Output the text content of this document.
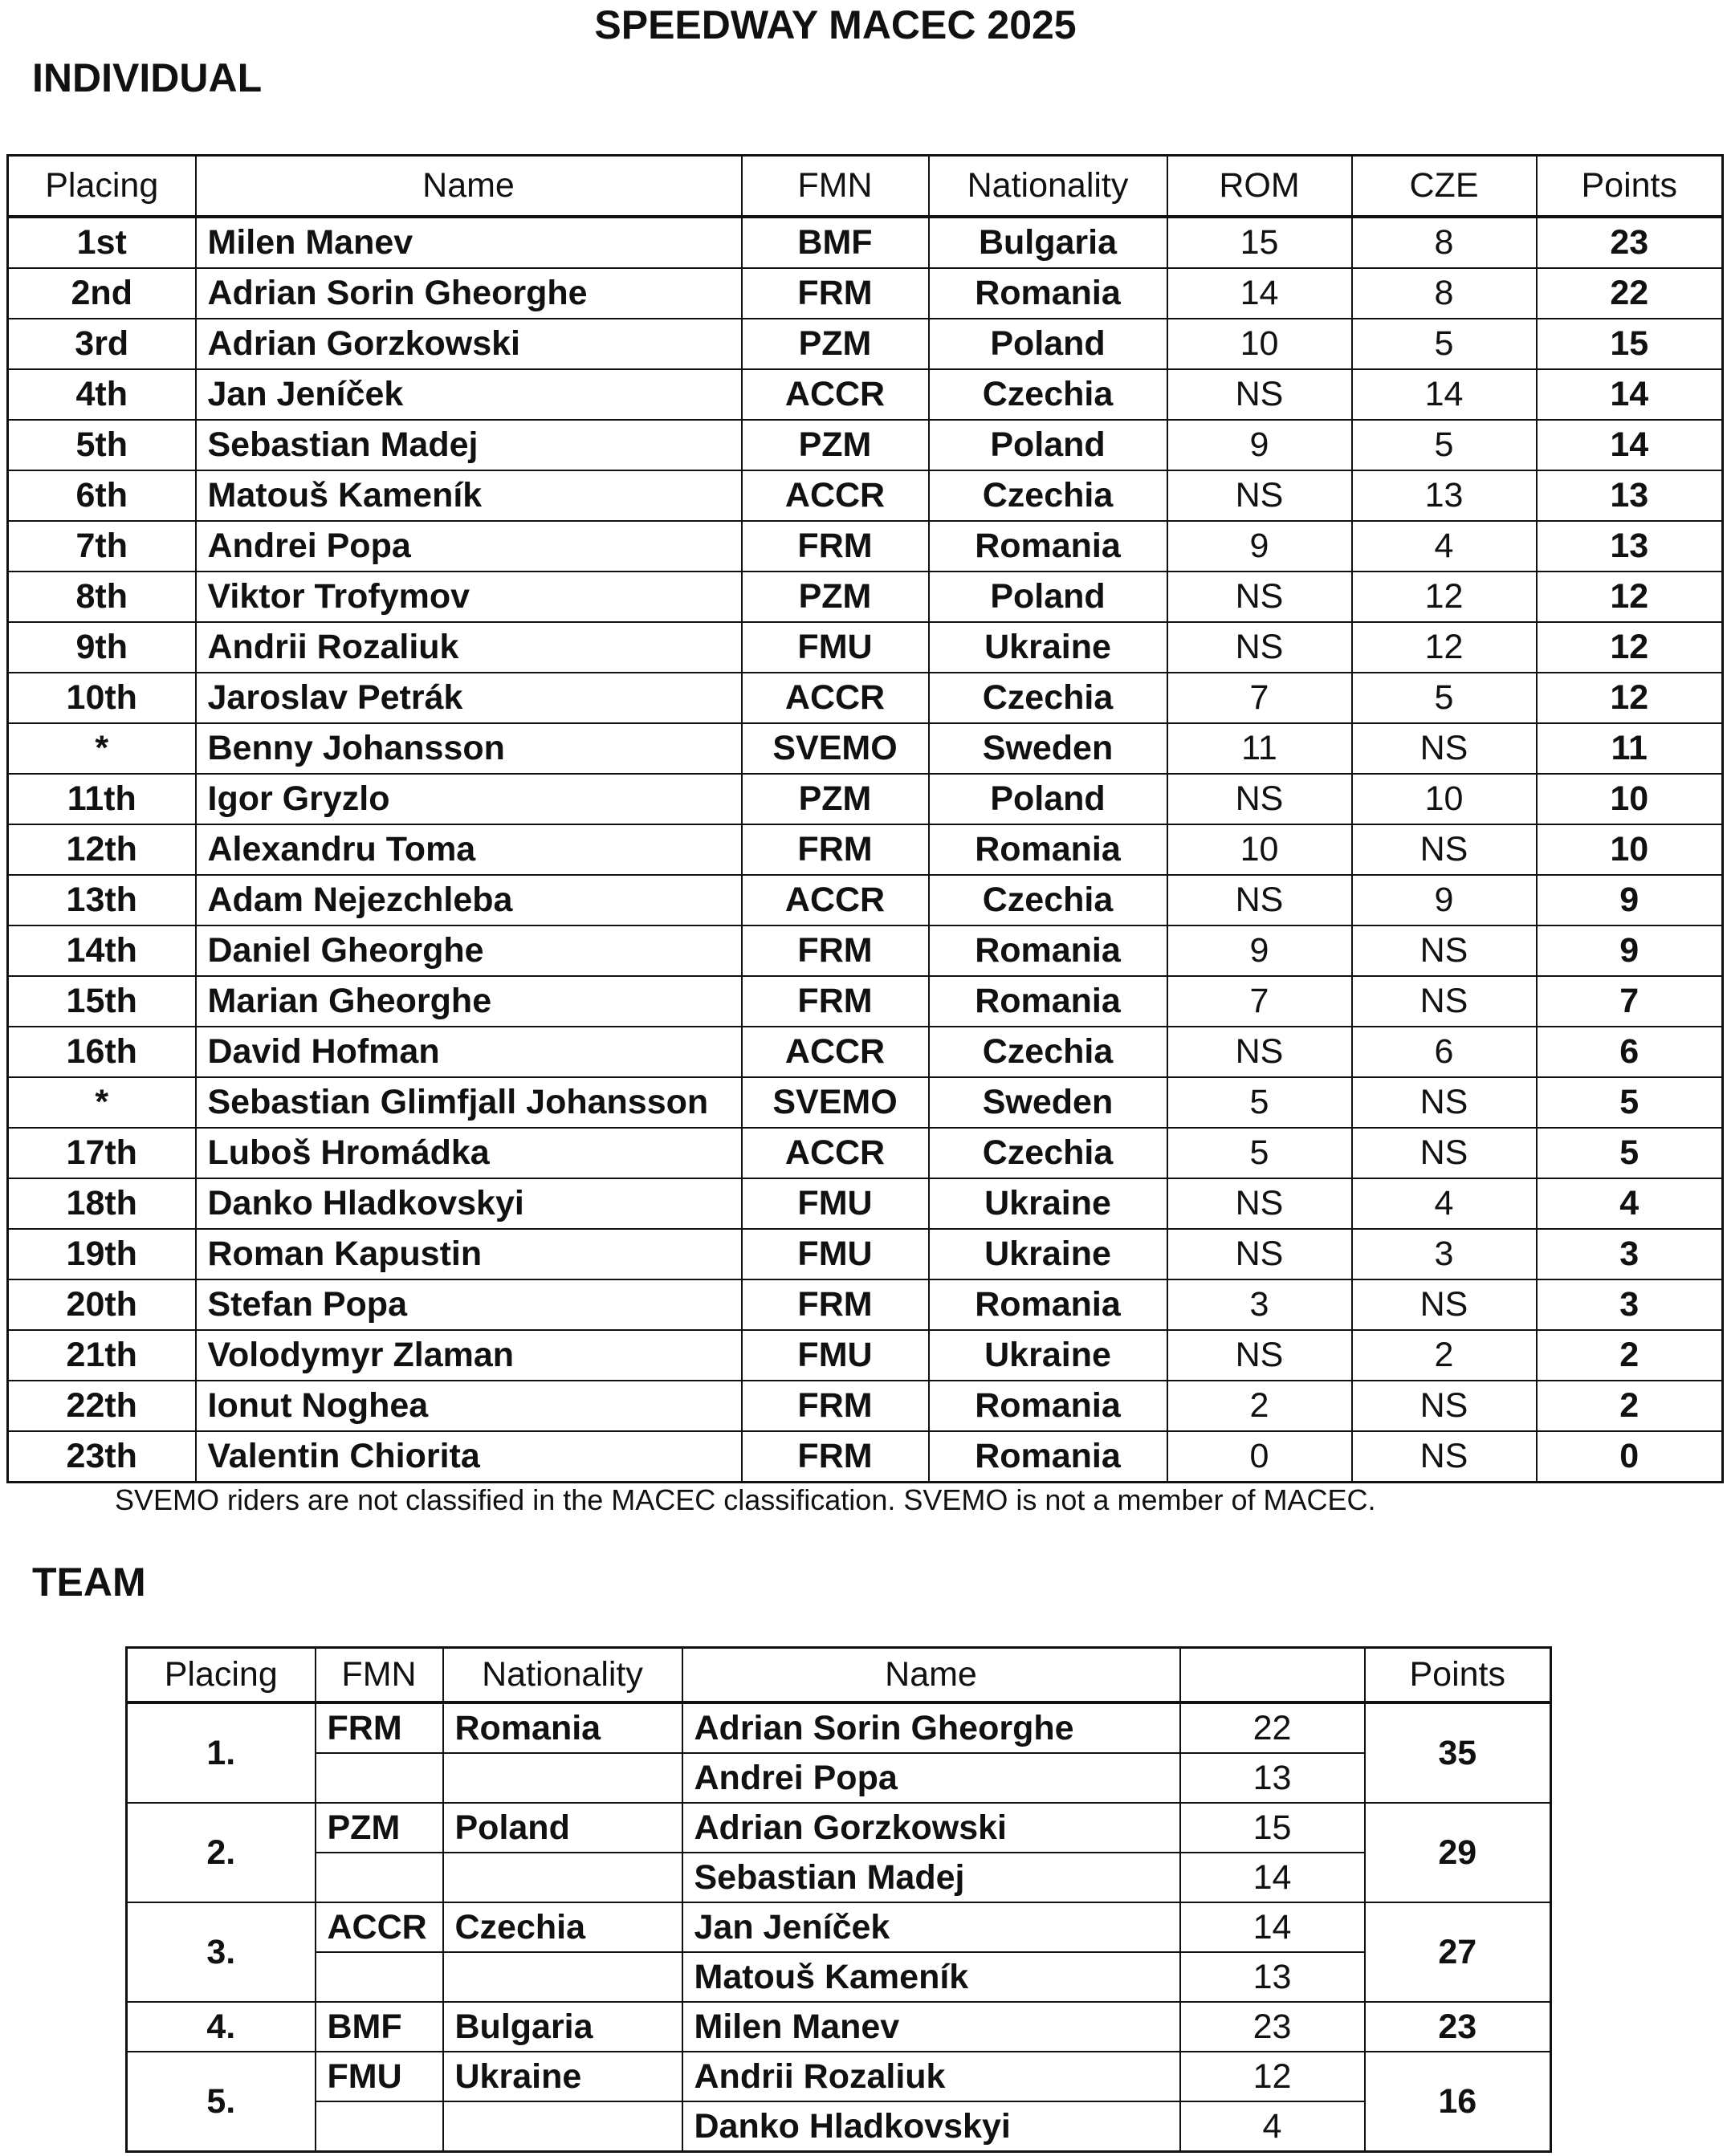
SPEEDWAY MACEC 2025
INDIVIDUAL
Placing	Name	FMN	Nationality	ROM	CZE	Points
1st	Milen Manev	BMF	Bulgaria	15	8	23
2nd	Adrian Sorin Gheorghe	FRM	Romania	14	8	22
3rd	Adrian Gorzkowski	PZM	Poland	10	5	15
4th	Jan Jeníček	ACCR	Czechia	NS	14	14
5th	Sebastian Madej	PZM	Poland	9	5	14
6th	Matouš Kameník	ACCR	Czechia	NS	13	13
7th	Andrei Popa	FRM	Romania	9	4	13
8th	Viktor Trofymov	PZM	Poland	NS	12	12
9th	Andrii Rozaliuk	FMU	Ukraine	NS	12	12
10th	Jaroslav Petrák	ACCR	Czechia	7	5	12
*	Benny Johansson	SVEMO	Sweden	11	NS	11
11th	Igor Gryzlo	PZM	Poland	NS	10	10
12th	Alexandru Toma	FRM	Romania	10	NS	10
13th	Adam Nejezchleba	ACCR	Czechia	NS	9	9
14th	Daniel Gheorghe	FRM	Romania	9	NS	9
15th	Marian Gheorghe	FRM	Romania	7	NS	7
16th	David Hofman	ACCR	Czechia	NS	6	6
*	Sebastian Glimfjall Johansson	SVEMO	Sweden	5	NS	5
17th	Luboš Hromádka	ACCR	Czechia	5	NS	5
18th	Danko Hladkovskyi	FMU	Ukraine	NS	4	4
19th	Roman Kapustin	FMU	Ukraine	NS	3	3
20th	Stefan Popa	FRM	Romania	3	NS	3
21th	Volodymyr Zlaman	FMU	Ukraine	NS	2	2
22th	Ionut Noghea	FRM	Romania	2	NS	2
23th	Valentin Chiorita	FRM	Romania	0	NS	0

SVEMO riders are not classified in the MACEC classification. SVEMO is not a member of MACEC.

TEAM
Placing	FMN	Nationality	Name		Points
1.	FRM	Romania	Adrian Sorin Gheorghe	22	35
			Andrei Popa	13	
2.	PZM	Poland	Adrian Gorzkowski	15	29
			Sebastian Madej	14	
3.	ACCR	Czechia	Jan Jeníček	14	27
			Matouš Kameník	13	
4.	BMF	Bulgaria	Milen Manev	23	23
5.	FMU	Ukraine	Andrii Rozaliuk	12	16
			Danko Hladkovskyi	4	
